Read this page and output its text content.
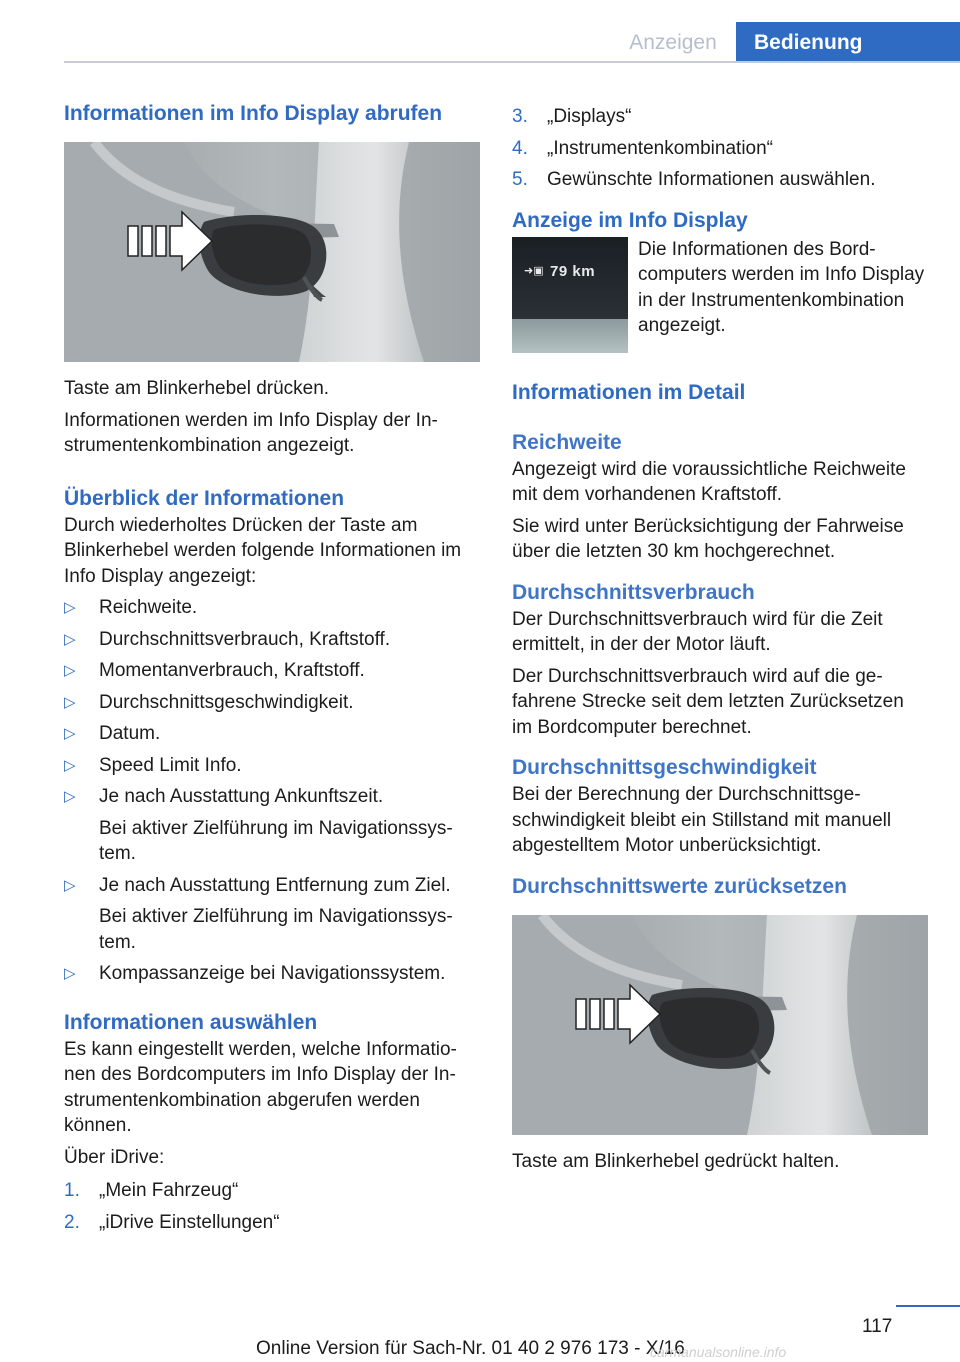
Anzeigen	Bedienung
Informationen im Info Display abrufen

Taste am Blinkerhebel drücken.

Informationen werden im Info Display der Instrumentenkombination angezeigt.

Überblick der Informationen

Durch wiederholtes Drücken der Taste am Blinkerhebel werden folgende Informationen im Info Display angezeigt:

▷ Reichweite.
▷ Durchschnittsverbrauch, Kraftstoff.
▷ Momentanverbrauch, Kraftstoff.
▷ Durchschnittsgeschwindigkeit.
▷ Datum.
▷ Speed Limit Info.
▷ Je nach Ausstattung Ankunftszeit.
Bei aktiver Zielführung im Navigationssystem.
▷ Je nach Ausstattung Entfernung zum Ziel.
Bei aktiver Zielführung im Navigationssystem.
▷ Kompassanzeige bei Navigationssystem.
Informationen auswählen

Es kann eingestellt werden, welche Informationen des Bordcomputers im Info Display der Instrumentenkombination abgerufen werden können.

Über iDrive:

1. „Mein Fahrzeug“
2. „iDrive Einstellungen“
3. „Displays“
4. „Instrumentenkombination“
5. Gewünschte Informationen auswählen.
Anzeige im Info Display
➜▣ 79 km
Die Informationen des Bordcomputers werden im Info Display in der Instrumentenkombination angezeigt.
Informationen im Detail
Reichweite

Angezeigt wird die voraussichtliche Reichweite mit dem vorhandenen Kraftstoff.

Sie wird unter Berücksichtigung der Fahrweise über die letzten 30 km hochgerechnet.

Durchschnittsverbrauch

Der Durchschnittsverbrauch wird für die Zeit ermittelt, in der der Motor läuft.

Der Durchschnittsverbrauch wird auf die gefahrene Strecke seit dem letzten Zurücksetzen im Bordcomputer berechnet.

Durchschnittsgeschwindigkeit

Bei der Berechnung der Durchschnittsgeschwindigkeit bleibt ein Stillstand mit manuell abgestelltem Motor unberücksichtigt.

Durchschnittswerte zurücksetzen

Taste am Blinkerhebel gedrückt halten.

117
Online Version für Sach-Nr. 01 40 2 976 173 - X/16
carmanualsonline.info
